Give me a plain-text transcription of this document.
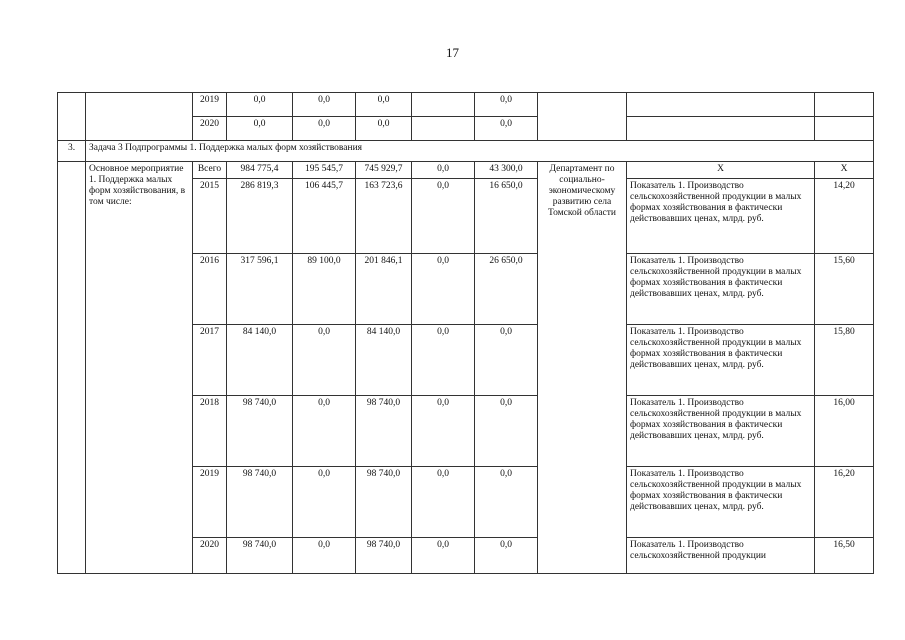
17
		2019	0,0	0,0	0,0		0,0			
		2020	0,0	0,0	0,0		0,0			
3.	Задача 3 Подпрограммы 1. Поддержка малых форм хозяйствования									
	Основное мероприятие 1. Поддержка малых форм хозяйствования, в том числе:	Всего	984 775,4	195 545,7	745 929,7	0,0	43 300,0	Департамент по социально-экономическому развитию села Томской области	Х	Х
		2015	286 819,3	106 445,7	163 723,6	0,0	16 650,0		Показатель 1. Производство сельскохозяйственной продукции в малых формах хозяйствования в фактически действовавших ценах, млрд. руб.	14,20
		2016	317 596,1	89 100,0	201 846,1	0,0	26 650,0		Показатель 1. Производство сельскохозяйственной продукции в малых формах хозяйствования в фактически действовавших ценах, млрд. руб.	15,60
		2017	84 140,0	0,0	84 140,0	0,0	0,0		Показатель 1. Производство сельскохозяйственной продукции в малых формах хозяйствования в фактически действовавших ценах, млрд. руб.	15,80
		2018	98 740,0	0,0	98 740,0	0,0	0,0		Показатель 1. Производство сельскохозяйственной продукции в малых формах хозяйствования в фактически действовавших ценах, млрд. руб.	16,00
		2019	98 740,0	0,0	98 740,0	0,0	0,0		Показатель 1. Производство сельскохозяйственной продукции в малых формах хозяйствования в фактически действовавших ценах, млрд. руб.	16,20
		2020	98 740,0	0,0	98 740,0	0,0	0,0		Показатель 1. Производство сельскохозяйственной продукции	16,50
